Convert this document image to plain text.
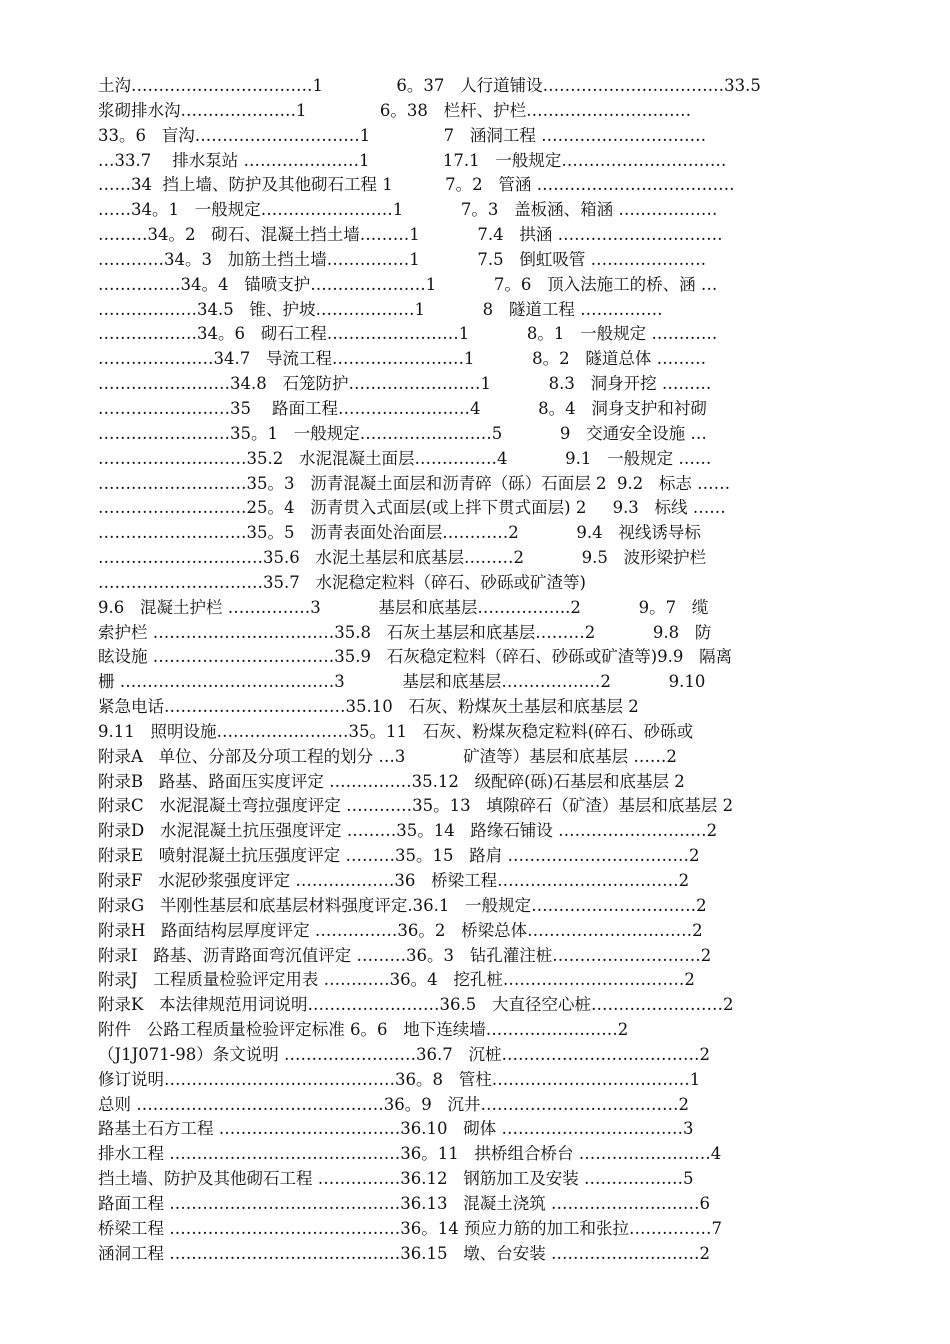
土沟……………………………1              6。37   人行道铺设……………………………33.5
浆砌排水沟…………………1              6。38   栏杆、护栏…………………………
33。6   盲沟…………………………1              7   涵洞工程 …………………………
…33.7    排水泵站 …………………1              17.1   一般规定…………………………
……34  挡上墙、防护及其他砌石工程 1          7。2   管涵 ………………………………
……34。1   一般规定……………………1           7。3   盖板涵、箱涵 ………………
………34。2   砌石、混凝土挡土墙………1           7.4   拱涵 …………………………
…………34。3   加筋土挡土墙……………1           7.5   倒虹吸管 …………………
……………34。4   锚喷支护…………………1           7。6   顶入法施工的桥、涵 …
………………34.5   锥、护坡………………1           8   隧道工程 ……………
………………34。6   砌石工程……………………1           8。1   一般规定 …………
…………………34.7   导流工程……………………1           8。2   隧道总体 ………
……………………34.8   石笼防护……………………1           8.3   洞身开挖 ………
……………………35    路面工程……………………4           8。4   洞身支护和衬砌
……………………35。1   一般规定……………………5           9   交通安全设施 …
………………………35.2   水泥混凝土面层……………4           9.1   一般规定 ……
………………………35。3   沥青混凝土面层和沥青碎（砾）石面层 2  9.2   标志 ……
………………………25。4   沥青贯入式面层(或上拌下贯式面层) 2     9.3   标线 ……
………………………35。5   沥青表面处治面层…………2           9.4   视线诱导标
…………………………35.6   水泥土基层和底基层………2           9.5   波形梁护栏
…………………………35.7   水泥稳定粒料（碎石、砂砾或矿渣等)
9.6   混凝土护栏 ……………3           基层和底基层……………..2           9。7   缆
索护栏 ……………………………35.8   石灰土基层和底基层………2           9.8   防
眩设施 ……………………………35.9   石灰稳定粒料（碎石、砂砾或矿渣等)9.9   隔离
栅 …………………………………3           基层和底基层………………2           9.10
紧急电话……………………………35.10   石灰、粉煤灰土基层和底基层 2
9.11   照明设施……………………35。11   石灰、粉煤灰稳定粒料(碎石、砂砾或
附录A   单位、分部及分项工程的划分 …3           矿渣等）基层和底基层 ……2
附录B   路基、路面压实度评定 ……………35.12   级配碎(砾)石基层和底基层 2
附录C   水泥混凝土弯拉强度评定 …………35。13   填隙碎石（矿渣）基层和底基层 2
附录D   水泥混凝土抗压强度评定 ………35。14   路缘石铺设 ………………………2
附录E   喷射混凝土抗压强度评定 ………35。15   路肩 ……………………………2
附录F   水泥砂浆强度评定 ………………36   桥梁工程……………………………2
附录G   半刚性基层和底基层材料强度评定.36.1   一般规定…………………………2
附录H   路面结构层厚度评定 ……………36。2   桥梁总体…………………………2
附录I   路基、沥青路面弯沉值评定 ………36。3   钻孔灌注桩………………………2
附录J   工程质量检验评定用表 …………36。4   挖孔桩……………………………2
附录K   本法律规范用词说明……………………36.5   大直径空心桩……………………2
附件   公路工程质量检验评定标准 6。6   地下连续墙……………………2
（J1J071-98）条文说明 ……………………36.7   沉桩………………………………2
修订说明……………………………………36。8   管柱………………………………1
总则 ………………………………………36。9   沉井………………………………2
路基土石方工程 ……………………………36.10   砌体 ……………………………3
排水工程 ……………………………………36。11   拱桥组合桥台 ……………………4
挡土墙、防护及其他砌石工程 ……………36.12   钢筋加工及安装 ………………5
路面工程 ……………………………………36.13   混凝土浇筑 ………………………6
桥梁工程 ……………………………………36。14 预应力筋的加工和张拉……………7
涵洞工程 ……………………………………36.15   墩、台安装 ………………………2
